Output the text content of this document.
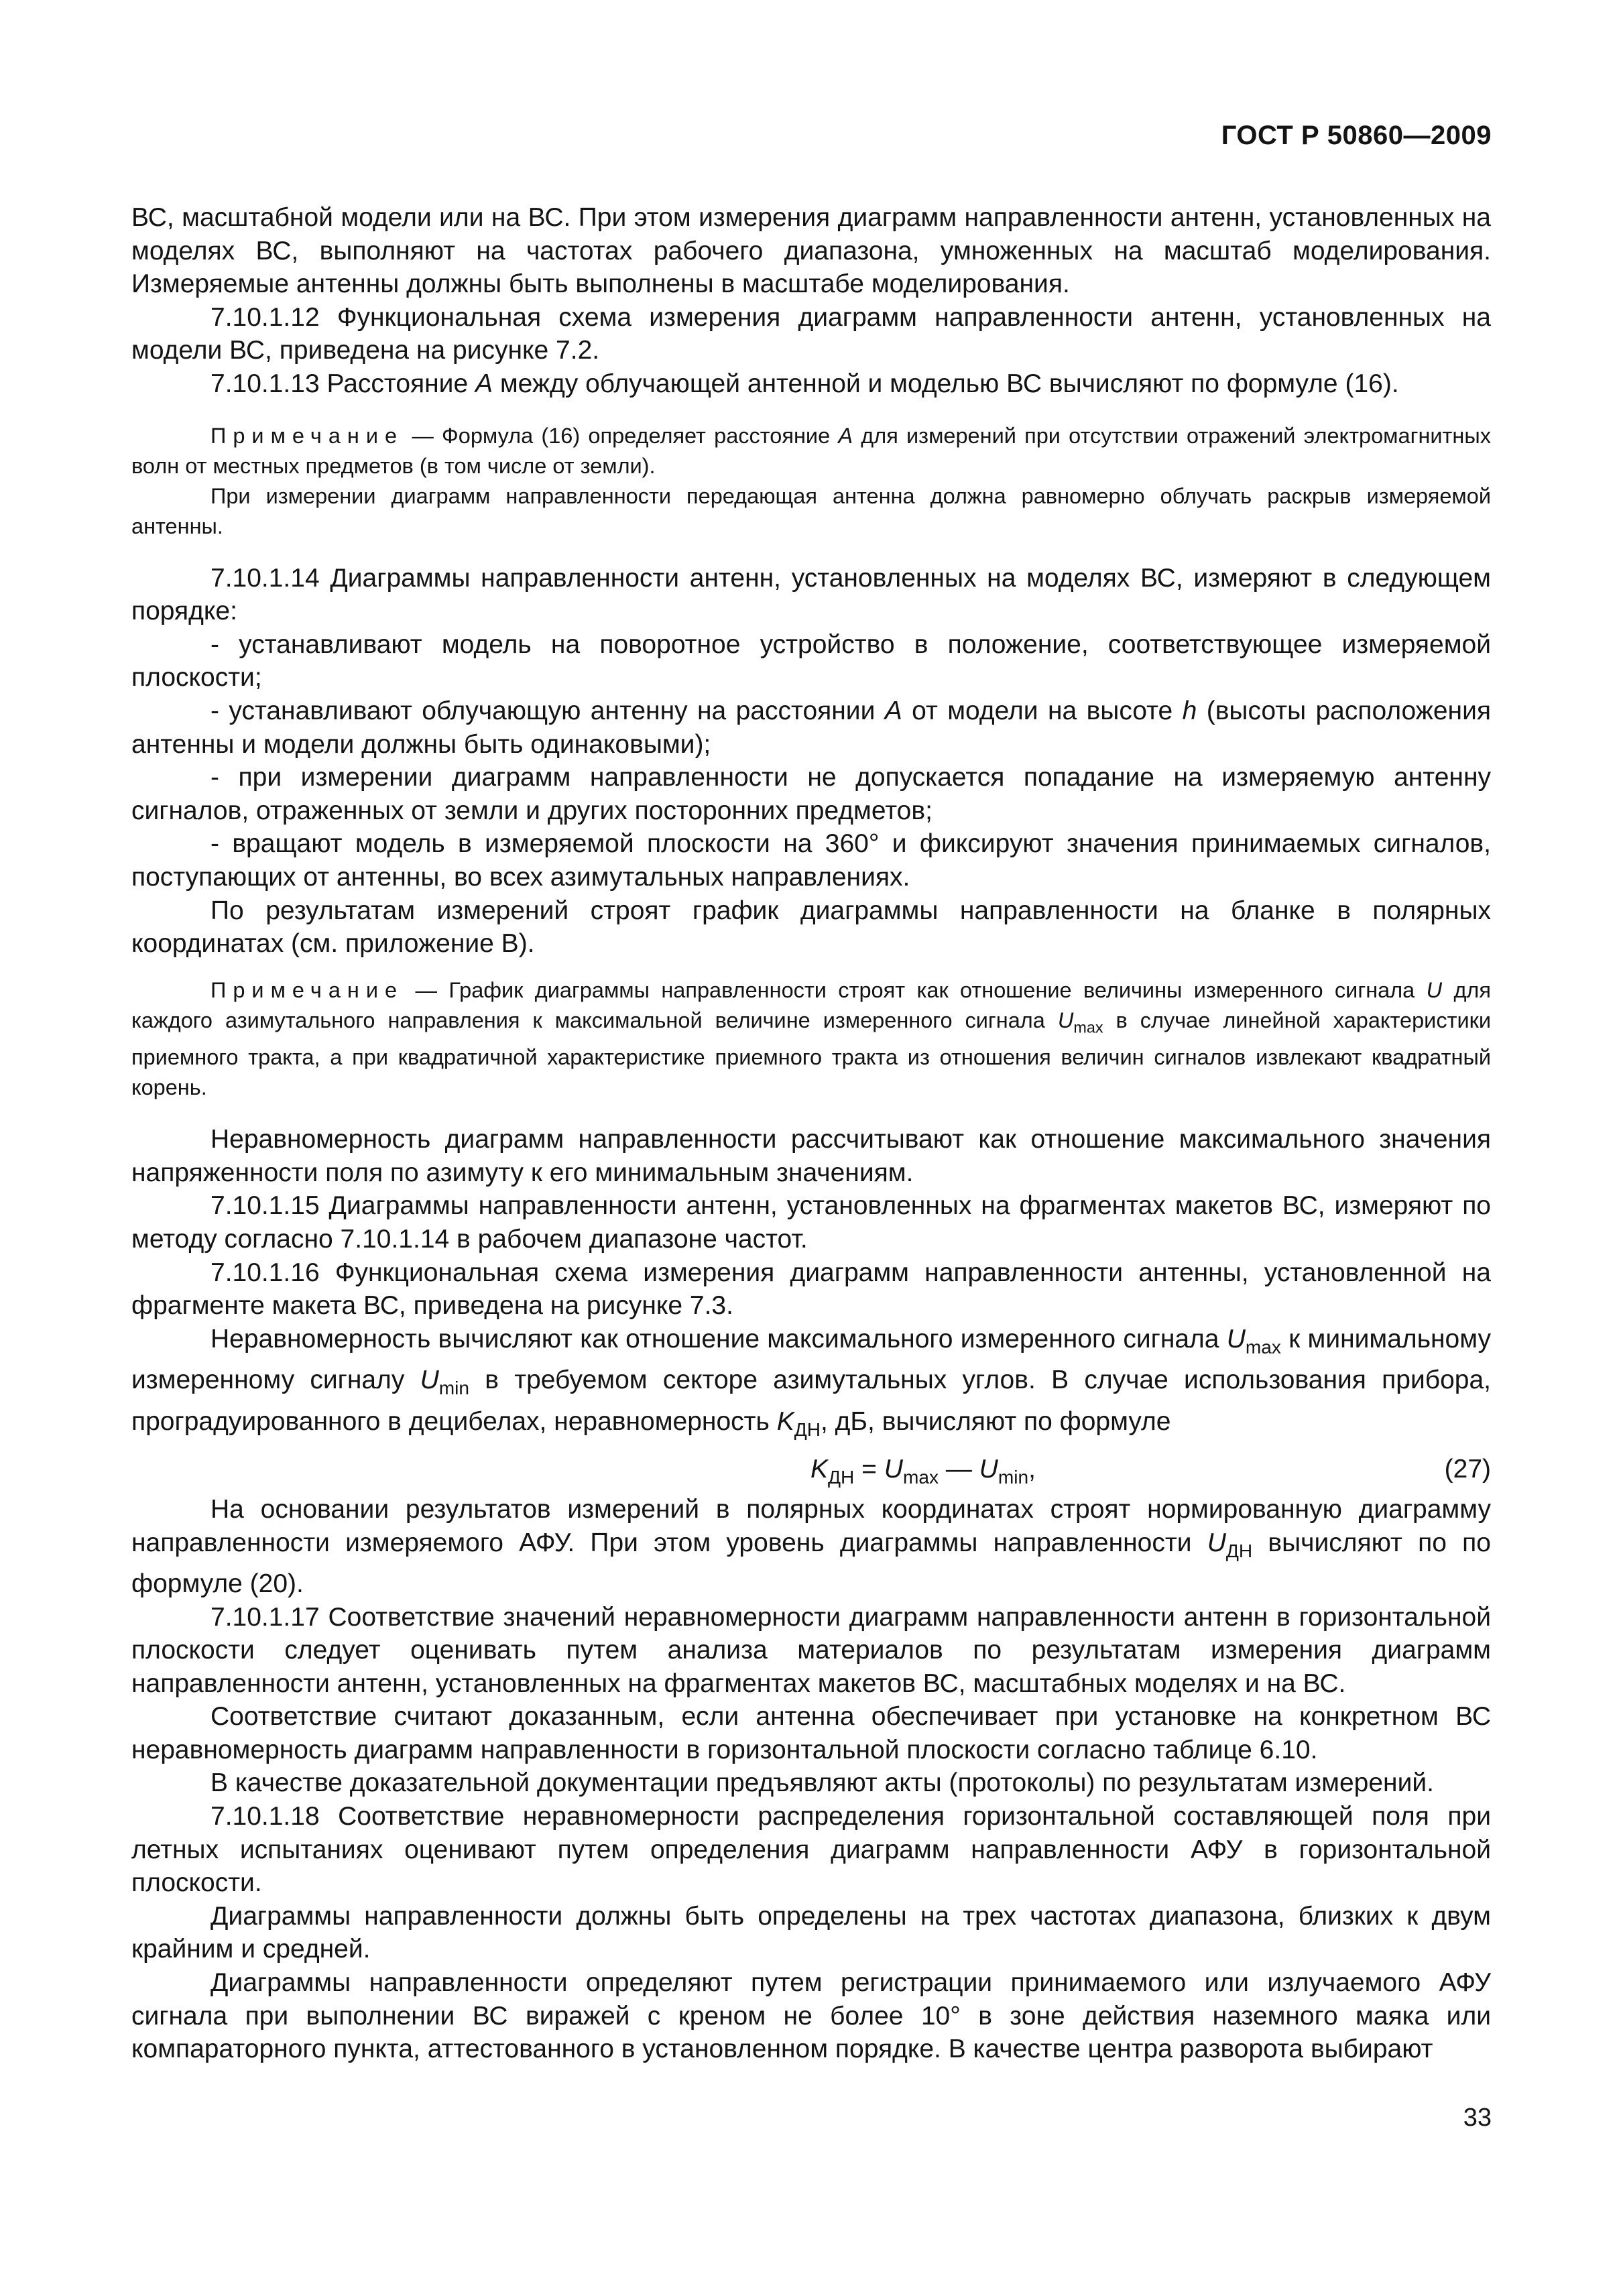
ГОСТ Р 50860—2009

ВС, масштабной модели или на ВС. При этом измерения диаграмм направленности антенн, установленных на моделях ВС, выполняют на частотах рабочего диапазона, умноженных на масштаб моделирования. Измеряемые антенны должны быть выполнены в масштабе моделирования.

7.10.1.12 Функциональная схема измерения диаграмм направленности антенн, установленных на модели ВС, приведена на рисунке 7.2.

7.10.1.13 Расстояние A между облучающей антенной и моделью ВС вычисляют по формуле (16).

Примечание — Формула (16) определяет расстояние A для измерений при отсутствии отражений электромагнитных волн от местных предметов (в том числе от земли).

При измерении диаграмм направленности передающая антенна должна равномерно облучать раскрыв измеряемой антенны.

7.10.1.14 Диаграммы направленности антенн, установленных на моделях ВС, измеряют в следующем порядке:

- устанавливают модель на поворотное устройство в положение, соответствующее измеряемой плоскости;

- устанавливают облучающую антенну на расстоянии A от модели на высоте h (высоты расположения антенны и модели должны быть одинаковыми);

- при измерении диаграмм направленности не допускается попадание на измеряемую антенну сигналов, отраженных от земли и других посторонних предметов;

- вращают модель в измеряемой плоскости на 360° и фиксируют значения принимаемых сигналов, поступающих от антенны, во всех азимутальных направлениях.

По результатам измерений строят график диаграммы направленности на бланке в полярных координатах (см. приложение В).

Примечание — График диаграммы направленности строят как отношение величины измеренного сигнала U для каждого азимутального направления к максимальной величине измеренного сигнала $U_{max}$ в случае линейной характеристики приемного тракта, а при квадратичной характеристике приемного тракта из отношения величин сигналов извлекают квадратный корень.

Неравномерность диаграмм направленности рассчитывают как отношение максимального значения напряженности поля по азимуту к его минимальным значениям.

7.10.1.15 Диаграммы направленности антенн, установленных на фрагментах макетов ВС, измеряют по методу согласно 7.10.1.14 в рабочем диапазоне частот.

7.10.1.16 Функциональная схема измерения диаграмм направленности антенны, установленной на фрагменте макета ВС, приведена на рисунке 7.3.

Неравномерность вычисляют как отношение максимального измеренного сигнала $U_{max}$ к минимальному измеренному сигналу $U_{min}$ в требуемом секторе азимутальных углов. В случае использования прибора, проградуированного в децибелах, неравномерность $K_{ДН}$, дБ, вычисляют по формуле

$K_{ДН} = U_{max}$ — $U_{min}$,	(27)

На основании результатов измерений в полярных координатах строят нормированную диаграмму направленности измеряемого АФУ. При этом уровень диаграммы направленности $U_{ДН}$ вычисляют по по формуле (20).

7.10.1.17 Соответствие значений неравномерности диаграмм направленности антенн в горизонтальной плоскости следует оценивать путем анализа материалов по результатам измерения диаграмм направленности антенн, установленных на фрагментах макетов ВС, масштабных моделях и на ВС.

Соответствие считают доказанным, если антенна обеспечивает при установке на конкретном ВС неравномерность диаграмм направленности в горизонтальной плоскости согласно таблице 6.10.

В качестве доказательной документации предъявляют акты (протоколы) по результатам измерений.

7.10.1.18 Соответствие неравномерности распределения горизонтальной составляющей поля при летных испытаниях оценивают путем определения диаграмм направленности АФУ в горизонтальной плоскости.

Диаграммы направленности должны быть определены на трех частотах диапазона, близких к двум крайним и средней.

Диаграммы направленности определяют путем регистрации принимаемого или излучаемого АФУ сигнала при выполнении ВС виражей с креном не более 10° в зоне действия наземного маяка или компараторного пункта, аттестованного в установленном порядке. В качестве центра разворота выбирают

33
